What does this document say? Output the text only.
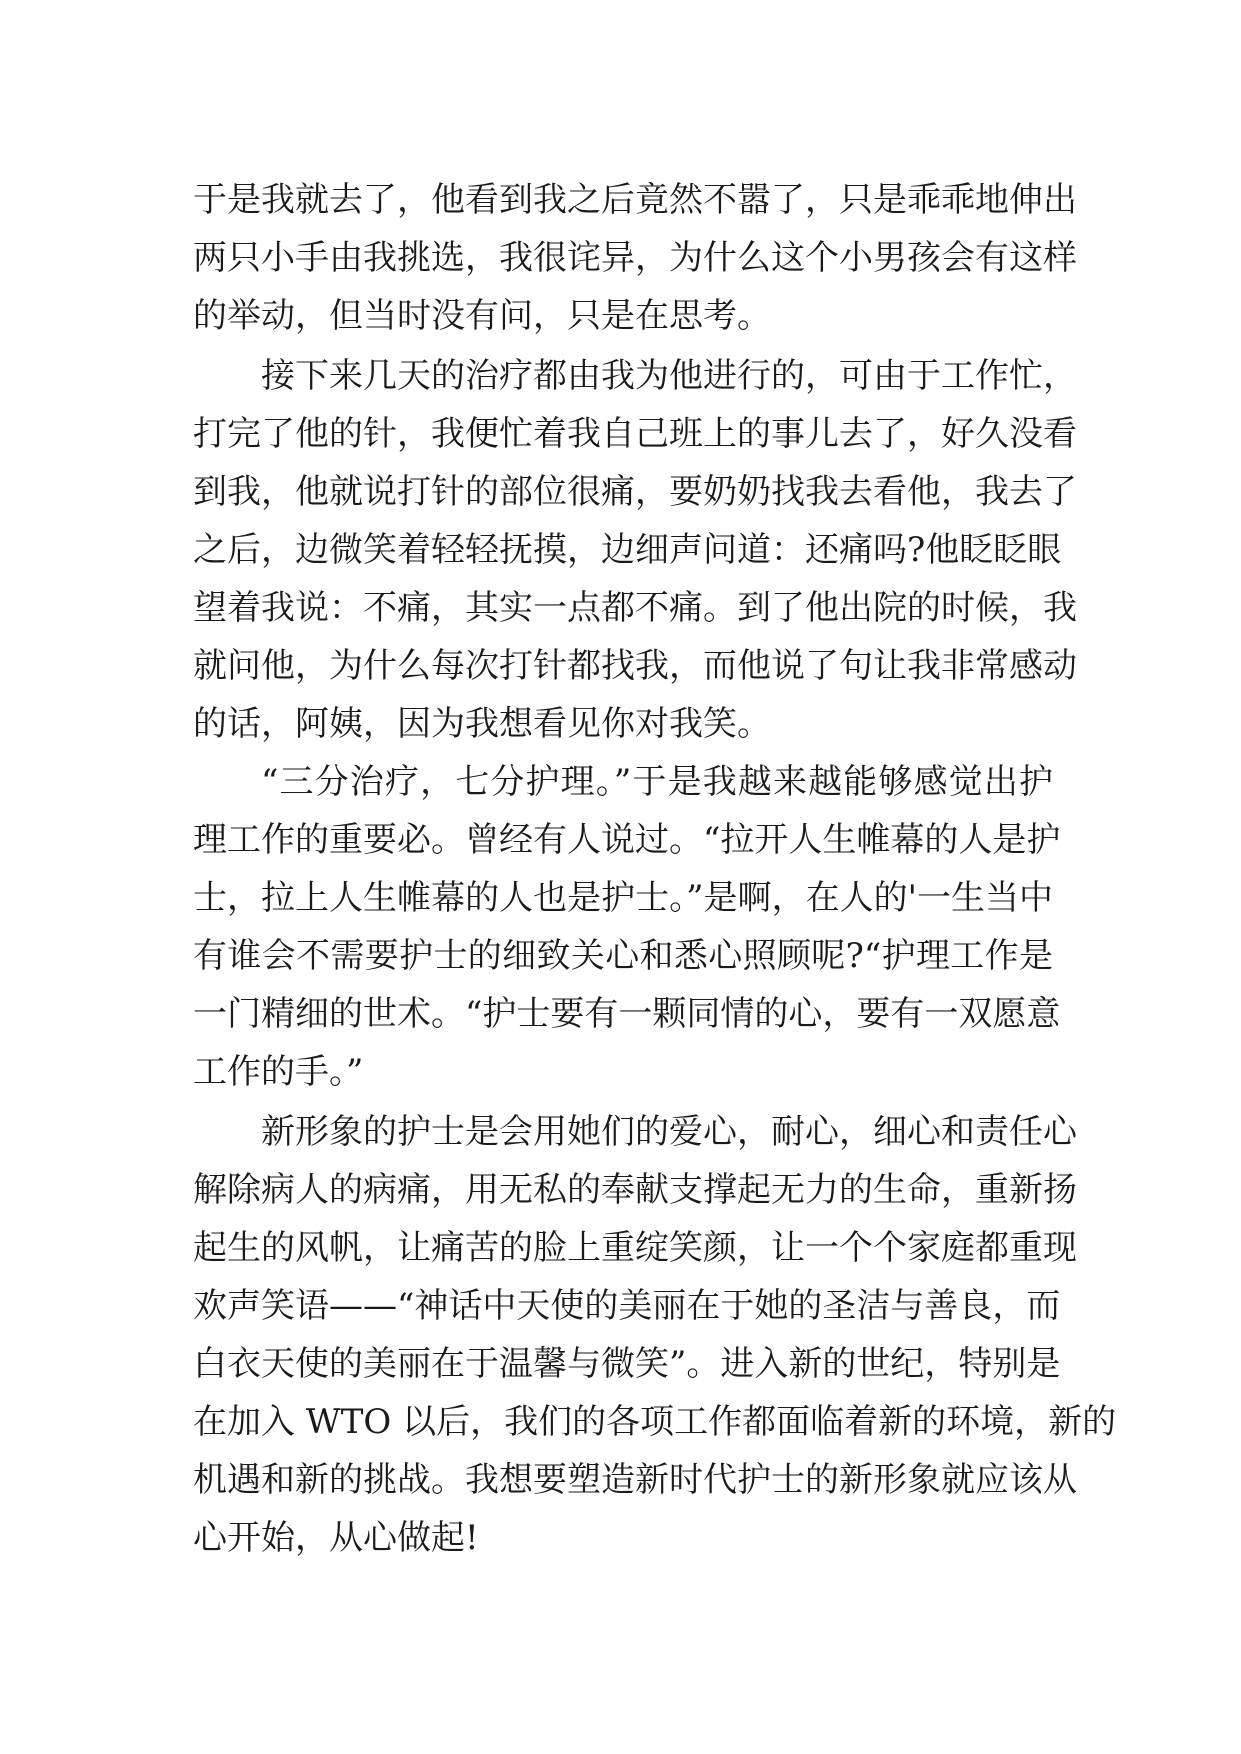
于是我就去了，他看到我之后竟然不嚣了，只是乖乖地伸出
两只小手由我挑选，我很诧异，为什么这个小男孩会有这样
的举动，但当时没有问，只是在思考。
接下来几天的治疗都由我为他进行的，可由于工作忙，
打完了他的针，我便忙着我自己班上的事儿去了，好久没看
到我，他就说打针的部位很痛，要奶奶找我去看他，我去了
之后，边微笑着轻轻抚摸，边细声问道：还痛吗?他眨眨眼
望着我说：不痛，其实一点都不痛。到了他出院的时候，我
就问他，为什么每次打针都找我，而他说了句让我非常感动
的话，阿姨，因为我想看见你对我笑。
“三分治疗，七分护理。”于是我越来越能够感觉出护
理工作的重要必。曾经有人说过。“拉开人生帷幕的人是护
士，拉上人生帷幕的人也是护士。”是啊，在人的'一生当中
有谁会不需要护士的细致关心和悉心照顾呢?“护理工作是
一门精细的世术。“护士要有一颗同情的心，要有一双愿意
工作的手。”
新形象的护士是会用她们的爱心，耐心，细心和责任心
解除病人的病痛，用无私的奉献支撑起无力的生命，重新扬
起生的风帆，让痛苦的脸上重绽笑颜，让一个个家庭都重现
欢声笑语——“神话中天使的美丽在于她的圣洁与善良，而
白衣天使的美丽在于温馨与微笑”。进入新的世纪，特别是
在加入 WTO 以后，我们的各项工作都面临着新的环境，新的
机遇和新的挑战。我想要塑造新时代护士的新形象就应该从
心开始，从心做起!
